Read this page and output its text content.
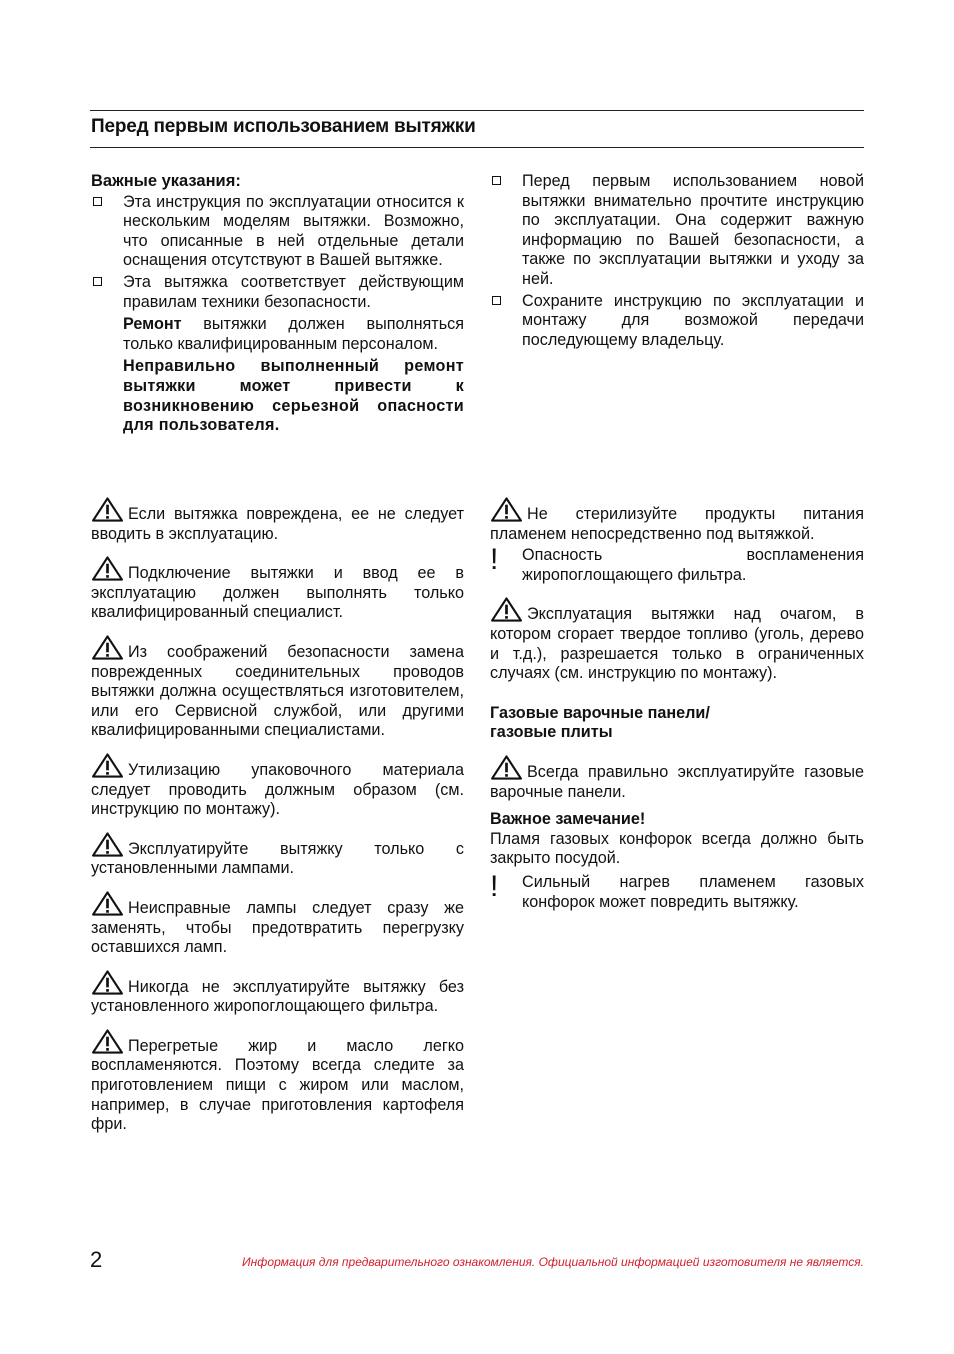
Перед первым использованием вытяжки

Важные указания:

Эта инструкция по эксплуатации относится к нескольким моделям вытяжки. Возможно, что описанные в ней отдельные детали оснащения отсутствуют в Вашей вытяжке.

Эта вытяжка соответствует действующим правилам техники безопасности.

Ремонт вытяжки должен выполняться только квалифицированным персоналом.

Неправильно выполненный ремонт вытяжки может привести к возникновению серьезной опасности для пользователя.

Если вытяжка повреждена, ее не следует вводить в эксплуатацию.

Подключение вытяжки и ввод ее в эксплуатацию должен выполнять только квалифицированный специалист.

Из соображений безопасности замена поврежденных соединительных проводов вытяжки должна осуществляться изготовителем, или его Сервисной службой, или другими квалифицированными специалистами.

Утилизацию упаковочного материала следует проводить должным образом (см. инструкцию по монтажу).

Эксплуатируйте вытяжку только с установленными лампами.

Неисправные лампы следует сразу же заменять, чтобы предотвратить перегрузку оставшихся ламп.

Никогда не эксплуатируйте вытяжку без установленного жиропоглощающего фильтра.

Перегретые жир и масло легко воспламеняются. Поэтому всегда следите за приготовлением пищи с жиром или маслом, например, в случае приготовления картофеля фри.

Перед первым использованием новой вытяжки внимательно прочтите инструкцию по эксплуатации. Она содержит важную информацию по Вашей безопасности, а также по эксплуатации вытяжки и уходу за ней.

Сохраните инструкцию по эксплуатации и монтажу для возможой передачи последующему владельцу.

Не стерилизуйте продукты питания пламенем непосредственно под вытяжкой.

! Опасность воспламенения жиропоглощающего фильтра.

Эксплуатация вытяжки над очагом, в котором сгорает твердое топливо (уголь, дерево и т.д.), разрешается только в ограниченных случаях (см. инструкцию по монтажу).

Газовые варочные панели/
газовые плиты

Всегда правильно эксплуатируйте газовые варочные панели.

Важное замечание!

Пламя газовых конфорок всегда должно быть закрыто посудой.

! Сильный нагрев пламенем газовых конфорок может повредить вытяжку.

2	Информация для предварительного ознакомления. Официальной информацией изготовителя не является.
